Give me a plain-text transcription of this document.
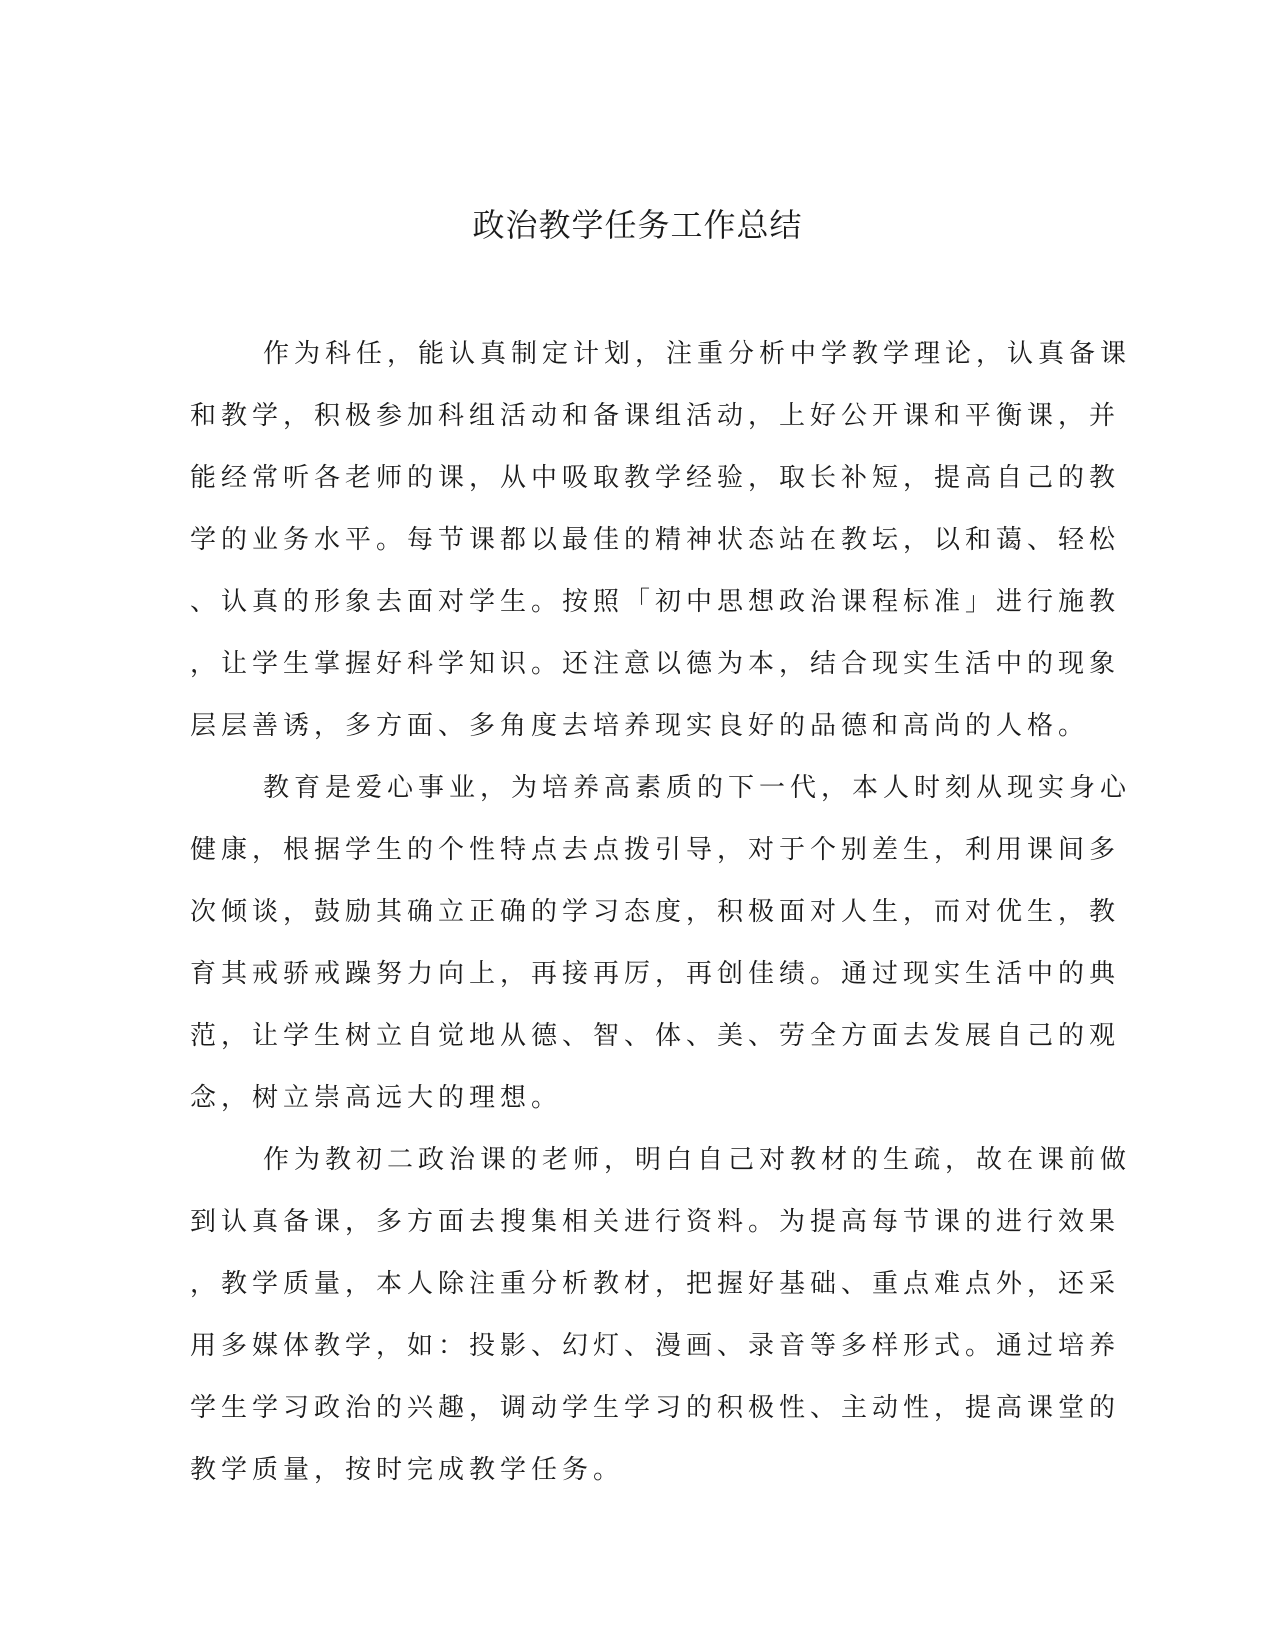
政治教学任务工作总结
作为科任，能认真制定计划，注重分析中学教学理论，认真备课
和教学，积极参加科组活动和备课组活动，上好公开课和平衡课，并
能经常听各老师的课，从中吸取教学经验，取长补短，提高自己的教
学的业务水平。每节课都以最佳的精神状态站在教坛，以和蔼、轻松
、认真的形象去面对学生。按照「初中思想政治课程标准」进行施教
，让学生掌握好科学知识。还注意以德为本，结合现实生活中的现象
层层善诱，多方面、多角度去培养现实良好的品德和高尚的人格。
教育是爱心事业，为培养高素质的下一代，本人时刻从现实身心
健康，根据学生的个性特点去点拨引导，对于个别差生，利用课间多
次倾谈，鼓励其确立正确的学习态度，积极面对人生，而对优生，教
育其戒骄戒躁努力向上，再接再厉，再创佳绩。通过现实生活中的典
范，让学生树立自觉地从德、智、体、美、劳全方面去发展自己的观
念，树立崇高远大的理想。
作为教初二政治课的老师，明白自己对教材的生疏，故在课前做
到认真备课，多方面去搜集相关进行资料。为提高每节课的进行效果
，教学质量，本人除注重分析教材，把握好基础、重点难点外，还采
用多媒体教学，如：投影、幻灯、漫画、录音等多样形式。通过培养
学生学习政治的兴趣，调动学生学习的积极性、主动性，提高课堂的
教学质量，按时完成教学任务。
